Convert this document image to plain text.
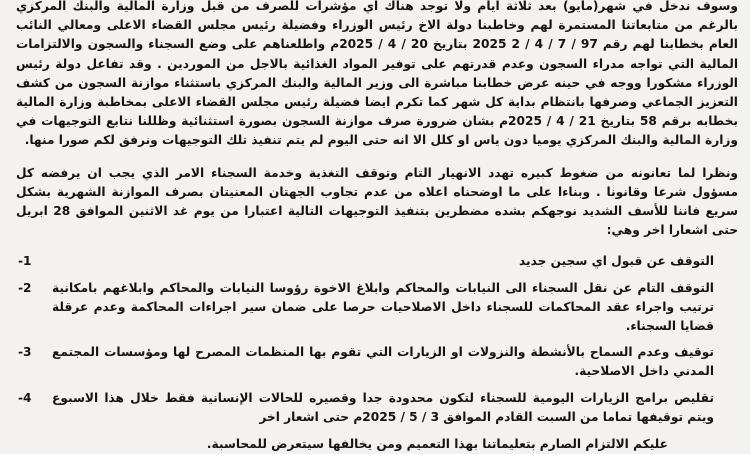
وسوف ندخل في شهر(مايو) بعد ثلاثة ايام ولا توجد هناك اي مؤشرات للصرف من قبل وزارة المالية والبنك المركزي بالرغم من متابعاتنا المستمرة لهم وخاطبنا دولة الاخ رئيس الوزراء وفضيلة رئيس مجلس القضاء الاعلى ومعالي النائب العام بخطابنا لهم رقم 97 / 7 / 4 / 2 2025 بتاريخ 20 / 4 / 2025م واطلعناهم على وضع السجناء والسجون والالتزامات المالية التي تواجه مدراء السجون وعدم قدرتهم على توفير المواد الغذائية بالاجل من الموردين . وقد تفاعل دولة رئيس الوزراء مشكورا ووجه في حينه عرض خطابنا مباشرة الى وزير المالية والبنك المركزي باستثناء موازنة السجون من كشف التعزيز الجماعي وصرفها بانتظام بداية كل شهر كما تكرم ايضا فضيلة رئيس مجلس القضاء الاعلى بمخاطبة وزارة المالية بخطابه برقم 58 بتاريخ 21 / 4 / 2025م بشان ضرورة صرف موازنة السجون بصورة استثنائية وظللنا نتابع التوجيهات في وزارة المالية والبنك المركزي يوميا دون ياس او كلل الا انه حتى اليوم لم يتم تنفيذ تلك التوجيهات ونرفق لكم صورا منها.

ونظرا لما تعانونه من ضغوط كبيره تهدد الانهيار التام وتوقف التغذية وخدمة السجناء الامر الذي يجب ان يرفضه كل مسؤول شرعا وقانونا . وبناءا على ما اوضحناه اعلاه من عدم تجاوب الجهتان المعنيتان بصرف الموازنة الشهرية بشكل سريع فاننا للأسف الشديد نوجهكم بشده مضطرين بتنفيذ التوجيهات التالية اعتبارا من يوم غد الاثنين الموافق 28 ابريل حتى اشعارا اخر وهي:

التوقف عن قبول اي سجين جديد
-1
التوقف التام عن نقل السجناء الى النيابات والمحاكم وابلاغ الاخوة رؤوسا النيابات والمحاكم وابلاغهم بامكانية ترتيب واجراء عقد المحاكمات للسجناء داخل الاصلاحيات حرصا على ضمان سير اجراءات المحاكمة وعدم عرقلة قضايا السجناء.
-2
توقيف وعدم السماح بالأنشطة والنزولات او الزيارات التي تقوم بها المنظمات المصرح لها ومؤسسات المجتمع المدني داخل الاصلاحية.
-3
تقليص برامج الزيارات اليومية للسجناء لتكون محدودة جدا وقصيره للحالات الإنسانية فقط خلال هذا الاسبوع ويتم توقيفها تماما من السبت القادم الموافق 3 / 5 / 2025م حتى اشعار اخر
-4

عليكم الالتزام الصارم بتعليماتنا بهذا التعميم ومن يخالفها سيتعرض للمحاسبة.
